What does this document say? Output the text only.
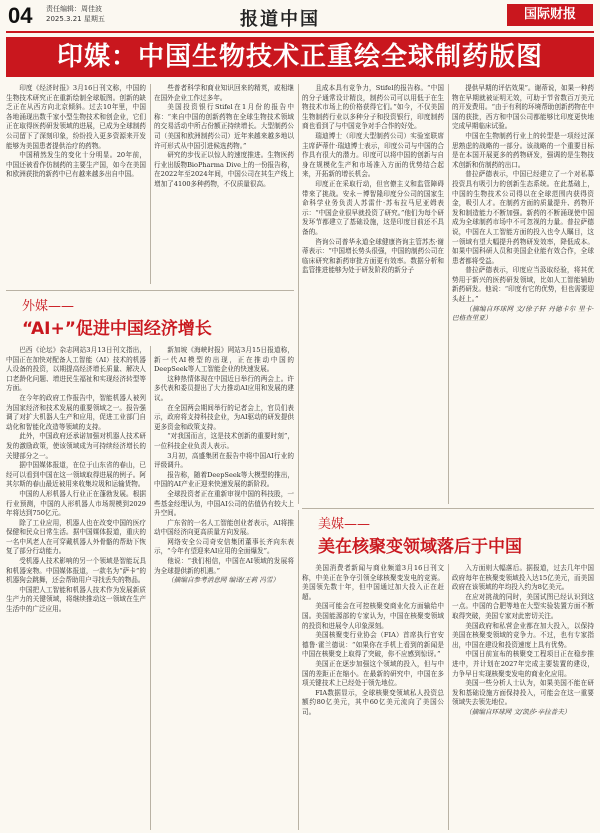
04 责任编辑：周佳波
2025.3.21 星期五	报道中国	国际财报
印媒：中国生物技术正重绘全球制药版图

印度《经济时报》3月16日刊文称，中国的生物技术研究正在重新绘制全球版图。创新的缺乏正在从西方向北京倾斜。过去10年里，中国各地涌现出数千家小型生物技术和创企业，它们正在取得医药研发领域的进展，已成为全球制药公司留下了深刻印象，纷纷投入更多资源来开发能够为美国患者提供治疗的药物。

中国稍然发生的变化十分明显。20年前，中国还被看作仿制药的主要生产国，如今在美国和欧洲获批的新药中已有越来越多出自中国。

些普者科学和商业知识回来的精英，或相继在国外企业工作过多年。

美国投资银行Stifel在1月份的报告中称：“来自中国的创新药物在全球生物技术领域的交易活动中所占份额正持续增长。大型制药公司（美国和欧洲制药公司）近年来越来越多地以许可形式从中国引进候选药物。”

研究的步伐正以惊人的速度推进。生物医药行业出版物BioPharma Dive上的一份报告称，在2022年至2024年间，中国公司在其生产线上增加了4100多种药物，不仅质量很高。

且成本具有竞争力，Stifel的报告称。“中国的分子通常设计精良，制药公司可以用低于在生物技术市场上的价格获得它们。”如今，不仅美国生物制药行业以多种分子和投资银行，印度制药商也看到了与中国竞争对手合作的好处。

瑞迪博士（印度大型制药公司）实验室联席主席萨蒂什·瑞迪博士表示，印度公司与中国的合作具有很大的潜力。印度可以将中国的创新与自身在规模化生产和市场准入方面的优势结合起来，开拓新的增长机会。

印度正在采取行动，但官僚主义和监管障碍带来了挑战。安永－博智隆印度分公司的国家生命科学业务负责人苏雷什·苏布拉马尼亚姆表示：“中国企业很早就投资了研究。”他们为每个研发环节都建立了基础设施，这是印度目前还不具备的。

咨询公司普华永道全球健康咨询主管苏杰·谢蒂表示：“中国增长势头很强，中国的制药公司在临床研究和新药审批方面更有效率。数据分析和监管推进能够为处于研发阶段的新分子

提供早期的评估效果”。谢蒂说，如果一种药物在早期就被证明无效，可助于节省数百万美元的开发费用。“由于有利的环境帮助创新药物在中国的获批，西方和中国公司都能够比印度更快地完成早期临床试验。

中国在生物制药行业上的转型是一项经过深思熟虑的战略的一部分。该战略的一个重要目标是在本国开展更多的药物研发，强调的是生物技术创新和仿制药的出口。

普拉萨德表示，中国已经建立了一个对私募投资具有吸引力的创新生态系统。在此基础上，中国的生物技术公司得以在全球范围内获得资金，吸引人才。在制药方面的质量提升、药物开发和制造能力不断加强。新药的不断涌现使中国成为全球制药市场中不可忽视的力量。普拉萨德说，中国在人工智能方面的投入也令人瞩目，这一领域有望大幅提升药物研发效率，降低成本。如果中国科研人员和美国企业能有效合作，全球患者都将受益。

普拉萨德表示，印度应当汲取经验，将其优势用于新兴的医药研发领域，比如人工智能辅助新药研发。他说：“印度有它的优势，但也需要迎头赶上。”

（摘编自环球网 文/徐子轩 丹德卡尔 里卡·巴格查里亚）

外媒——
“AI+”促进中国经济增长

巴西《论坛》杂志网站3月13日刊文指出，中国正在加快对配备人工智能（AI）技术的机器人设备的投资，以期提高经济增长质量、解决人口老龄化问题、增进民生福祉和实现经济转型等方面。

在今年的政府工作报告中，智能机器人被列为国家经济和技术发展的重要领域之一。报告强调了对扩大机器人生产和应用，促进工业部门自动化和智能化改造等领域的支持。

此外，中国政府还承诺加强对机器人技术研发的激励政策，使该领域成为可持续经济增长的关键部分之一。

据中国媒体报道，在位于山东省的春山，已经可以看到中国在这一领域取得进展的例子。阿其尔斯的春山最近被用来收集垃圾和运输货物。

中国的人形机器人行业正在蓬勃发展。根据行业预测，中国的人形机器人市场规模到2029年将达到750亿元。

除了工业应用，机器人也在改变中国的医疗保健和民众日常生活。据中国媒体报道，重庆的一名中风老人在可穿戴机器人外骨骼的帮助下恢复了部分行动能力。

受机器人技术影响的另一个领域是智能玩具和机器宠物。中国媒体报道，一款名为“萨卡”的机器狗会跳舞，还会帮助用户寻找丢失的物品。

中国把人工智能和机器人技术作为发展新质生产力的关键领域，将继续推动这一领域在生产生活中的广泛应用。

新加坡《海峡时报》网站3月15日报道称，新一代AI模型的出现，正在推动中国的DeepSeek等人工智能企业的快速发展。

这种热情体现在中国近日举行的两会上。许多代表和委员提出了大力推动AI应用和发展的建议。

在全国两会期间举行的记者会上，官员们表示，政府将支持科技企业，为AI驱动的研发提供更多资金和政策支持。

“对我国而言，这是技术创新的重要时刻”，一位科技企业负责人表示。

3月初，高盛集团在报告中将中国AI行业的评级调升。

报告称，随着DeepSeek等大模型的推出，中国的AI产业正迎来快速发展的新阶段。

全球投资者正在重新审视中国的科技股，一些基金经理认为，中国AI公司的估值仍有较大上升空间。

广东省的一名人工智能创业者表示，AI将推动中国经济向更高质量方向发展。

网络安全公司奇安信集团董事长齐向东表示，“今年有望迎来AI应用的全面爆发”。

他说：“我们相信，中国在AI领域的发展将为全球提供新的机遇。”

（摘编自参考消息网 编译/王莉 冯雪）

美媒——
美在核聚变领域落后于中国

美国消费者新闻与商业频道3月16日刊文称，中美正在争夺引领全球核聚变发电的竞赛。美国领先数十年，但中国通过加大投入正在赶超。

美国可能会在可控核聚变商业化方面输给中国。美国能源部的专家认为，中国在核聚变领域的投资和进展令人印象深刻。

美国核聚变行业协会（FIA）首席执行官安德鲁·霍兰德说：“如果你在手机上看到的新闻是中国在核聚变上取得了突破，你不应感到惊讶。”

美国正在逐步加强这个领域的投入，但与中国的差距正在缩小。在最新的研究中，中国在多项关键技术上已经处于领先地位。

FIA数据显示，全球核聚变领域私人投资总额约80亿美元，其中60亿美元流向了美国公司。

入方面则大幅落后。据报道，过去几年中国政府每年在核聚变领域投入达15亿美元，而美国政府在该领域的年均投入约为8亿美元。

在应对挑战的同时，美国试图已经认识到这一点。中国的合肥等地在大型实验装置方面不断取得突破，美国专家对此密切关注。

美国政府和私营企业都在加大投入，以保持美国在核聚变领域的竞争力。不过，也有专家指出，中国在建设和投资速度上具有优势。

中国日前宣布的核聚变工程项目正在稳步推进中，并计划在2027年完成主要装置的建设，力争早日实现核聚变发电的商业化应用。

美国一些分析人士认为，如果美国不能在研发和基础设施方面保持投入，可能会在这一重要领域失去领先地位。

（摘编自环球网 文/凯莎·辛拉普夫）
